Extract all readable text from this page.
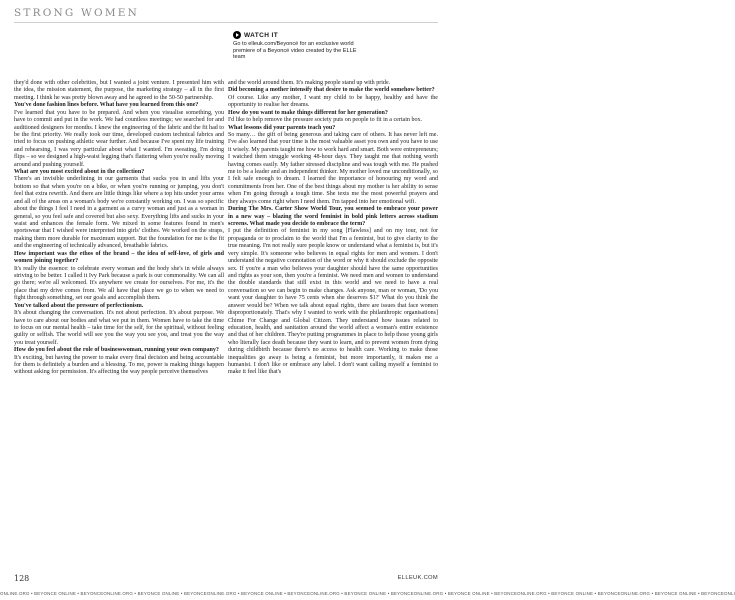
STRONG WOMEN
WATCH IT
Go to elleuk.com/Beyoncé for an exclusive world premiere of a Beyoncé video created by the ELLE team

they'd done with other celebrities, but I wanted a joint venture. I presented him with the idea, the mission statement, the purpose, the marketing strategy – all in the first meeting. I think he was pretty blown away and he agreed to the 50-50 partnership.

You've done fashion lines before. What have you learned from this one?

I've learned that you have to be prepared. And when you visualise something, you have to commit and put in the work. We had countless meetings; we searched for and auditioned designers for months. I knew the engineering of the fabric and the fit had to be the first priority. We really took our time, developed custom technical fabrics and tried to focus on pushing athletic wear further. And because I've spent my life training and rehearsing, I was very particular about what I wanted. I'm sweating, I'm doing flips – so we designed a high-waist legging that's flattering when you're really moving around and pushing yourself.

What are you most excited about in the collection?

There's an invisible underlining in our garments that sucks you in and lifts your bottom so that when you're on a bike, or when you're running or jumping, you don't feel that extra rewrith. And there are little things like where a top hits under your arms and all of the areas on a woman's body we're constantly working on. I was so specific about the things I feel I need in a garment as a curvy woman and just as a woman in general, so you feel safe and covered but also sexy. Everything lifts and sucks in your waist and enhances the female form. We mixed in some features found in men's sportswear that I wished were interpreted into girls' clothes. We worked on the straps, making them more durable for maximum support. But the foundation for me is the fit and the engineering of technically advanced, breathable fabrics.

How important was the ethos of the brand – the idea of self-love, of girls and women joining together?

It's really the essence: to celebrate every woman and the body she's in while always striving to be better. I called it Ivy Park because a park is our commonality. We can all go there; we're all welcomed. It's anywhere we create for ourselves. For me, it's the place that my drive comes from. We all have that place we go to when we need to fight through something, set our goals and accomplish them.

You've talked about the pressure of perfectionism.

It's about changing the conversation. It's not about perfection. It's about purpose. We have to care about our bodies and what we put in them. Women have to take the time to focus on our mental health – take time for the self, for the spiritual, without feeling guilty or selfish. The world will see you the way you see you, and treat you the way you treat yourself.

How do you feel about the role of businesswoman, running your own company?

It's exciting, but having the power to make every final decision and being accountable for them is definitely a burden and a blessing. To me, power is making things happen without asking for permission. It's affecting the way people perceive themselves

and the world around them. It's making people stand up with pride.

Did becoming a mother intensify that desire to make the world somehow better?

Of course. Like any mother, I want my child to be happy, healthy and have the opportunity to realise her dreams.

How do you want to make things different for her generation?

I'd like to help remove the pressure society puts on people to fit in a certain box.

What lessons did your parents teach you?

So many… the gift of being generous and taking care of others. It has never left me. I've also learned that your time is the most valuable asset you own and you have to use it wisely. My parents taught me how to work hard and smart. Both were entrepreneurs; I watched them struggle working 48-hour days. They taught me that nothing worth having comes easily. My father stressed discipline and was tough with me. He pushed me to be a leader and an independent thinker. My mother loved me unconditionally, so I felt safe enough to dream. I learned the importance of honouring my word and commitments from her. One of the best things about my mother is her ability to sense when I'm going through a tough time. She texts me the most powerful prayers and they always come right when I need them. I'm tapped into her emotional wifi.

During The Mrs. Carter Show World Tour, you seemed to embrace your power in a new way – blazing the word feminist in bold pink letters across stadium screens. What made you decide to embrace the term?

I put the definition of feminist in my song [Flawless] and on my tour, not for propaganda or to proclaim to the world that I'm a feminist, but to give clarity to the true meaning. I'm not really sure people know or understand what a feminist is, but it's very simple. It's someone who believes in equal rights for men and women. I don't understand the negative connotation of the word or why it should exclude the opposite sex. If you're a man who believes your daughter should have the same opportunities and rights as your son, then you're a feminist. We need men and women to understand the double standards that still exist in this world and we need to have a real conversation so we can begin to make changes. Ask anyone, man or woman, 'Do you want your daughter to have 75 cents when she deserves $1?' What do you think the answer would be? When we talk about equal rights, there are issues that face women disproportionately. That's why I wanted to work with the philanthropic organisations] Chime For Change and Global Citizen. They understand how issues related to education, health, and sanitation around the world affect a woman's entire existence and that of her children. They're putting programmes in place to help those young girls who literally face death because they want to learn, and to prevent women from dying during childbirth because there's no access to health care. Working to make those inequalities go away is being a feminist, but more importantly, it makes me a humanist. I don't like or embrace any label. I don't want calling myself a feminist to make it feel like that's

128	ELLEUK.COM
ONLINE.ORG • BEYONCE ONLINE • BEYONCEONLINE.ORG • BEYONCE ONLINE • BEYONCEONLINE.ORG • BEYONCE ONLINE • BEYONCEONLINE.ORG • BEYONCE ONLINE • BEYONCEONLINE.ORG • BEYONCE ONLINE • BEYONCEONLINE.ORG • BEYONCE ONLINE • BEYONCEONLINE.ORG • BEYONCE ONLINE • BEYONCEONLI
